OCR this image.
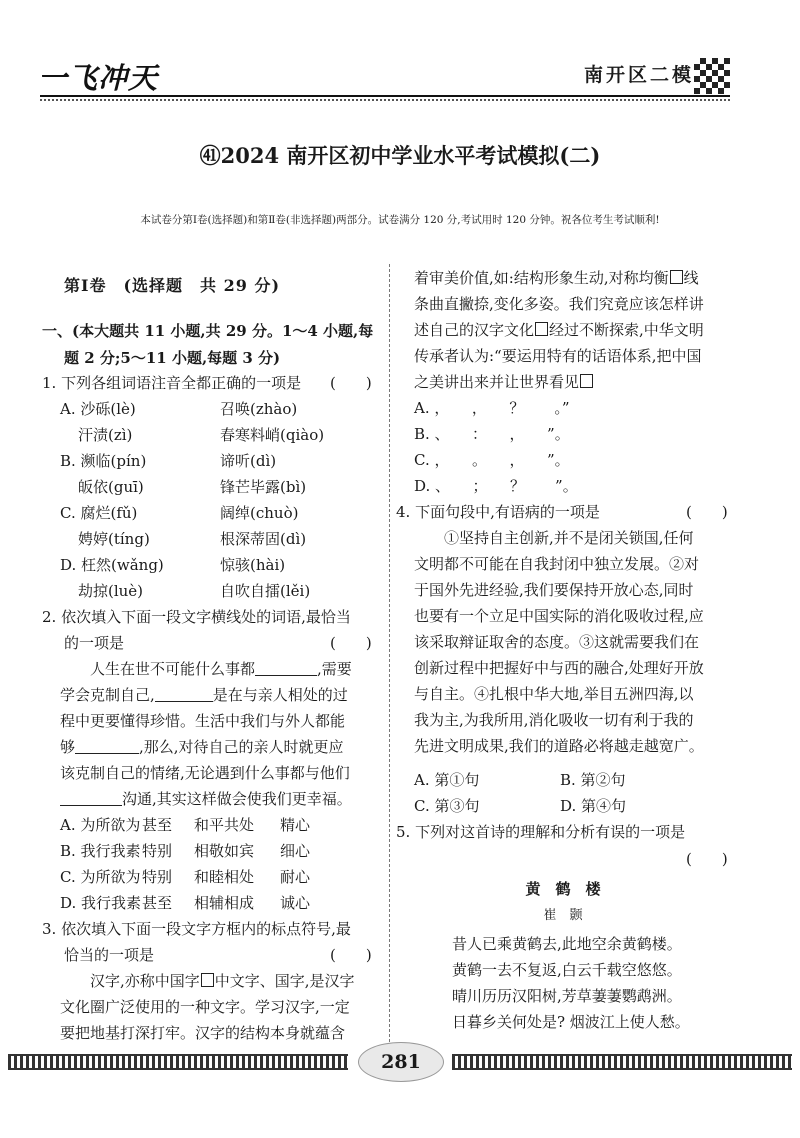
一飞冲天	南开区二模
㊶2024 南开区初中学业水平考试模拟(二)
本试卷分第Ⅰ卷(选择题)和第Ⅱ卷(非选择题)两部分。试卷满分 120 分,考试用时 120 分钟。祝各位考生考试顺利!
第Ⅰ卷　(选择题　共 29 分)
一、(本大题共 11 小题,共 29 分。1～4 小题,每
题 2 分;5～11 小题,每题 3 分)
1. 下列各组词语注音全都正确的一项是 (　　)
A. 沙砾(lè)	召唤(zhào)
汗渍(zì)	春寒料峭(qiào)
B. 濒临(pín)	谛听(dì)
皈依(guī)	锋芒毕露(bì)
C. 腐烂(fǔ)	阔绰(chuò)
娉婷(tíng)	根深蒂固(dì)
D. 枉然(wǎng)	惊骇(hài)
劫掠(luè)	自吹自擂(lěi)
2. 依次填入下面一段文字横线处的词语,最恰当
的一项是	(　　)
人生在世不可能什么事都	,需要
学会克制自己,	是在与亲人相处的过
程中更要懂得珍惜。生活中我们与外人都能
够	,那么,对待自己的亲人时就更应
该克制自己的情绪,无论遇到什么事都与他们
沟通,其实这样做会使我们更幸福。
A. 为所欲为 甚至 和平共处 精心
B. 我行我素特别 相敬如宾 细心
C. 为所欲为 特别 和睦相处 耐心
D. 我行我素甚至 相辅相成 诚心
3. 依次填入下面一段文字方框内的标点符号,最
恰当的一项是	(　　)
汉字,亦称中国字 中文字、国字,是汉字
文化圈广泛使用的一种文字。学习汉字,一定
要把地基打深打牢。汉字的结构本身就蕴含
着审美价值,如:结构形象生动,对称均衡 线
条曲直撇捺,变化多姿。我们究竟应该怎样讲
述自己的汉字文化 经过不断探索,中华文明
传承者认为:“要运用特有的话语体系,把中国
之美讲出来并让世界看见
A. ，　　，　　？　　。”
B. 、　　：　　，　　”。
C. ，　　。　　，　　”。
D. 、　　；　　？　　”。
4. 下面句段中,有语病的一项是	(　　)
①坚持自主创新,并不是闭关锁国,任何
文明都不可能在自我封闭中独立发展。②对
于国外先进经验,我们要保持开放心态,同时
也要有一个立足中国实际的消化吸收过程,应
该采取辩证取舍的态度。③这就需要我们在
创新过程中把握好中与西的融合,处理好开放
与自主。④扎根中华大地,举目五洲四海,以
我为主,为我所用,消化吸收一切有利于我的
先进文明成果,我们的道路必将越走越宽广。
A. 第①句	B. 第②句
C. 第③句	D. 第④句
5. 下列对这首诗的理解和分析有误的一项是
(　　)
黄　鹤　楼
崔　颢
昔人已乘黄鹤去,此地空余黄鹤楼。
黄鹤一去不复返,白云千载空悠悠。
晴川历历汉阳树,芳草萋萋鹦鹉洲。
日暮乡关何处是? 烟波江上使人愁。
281
